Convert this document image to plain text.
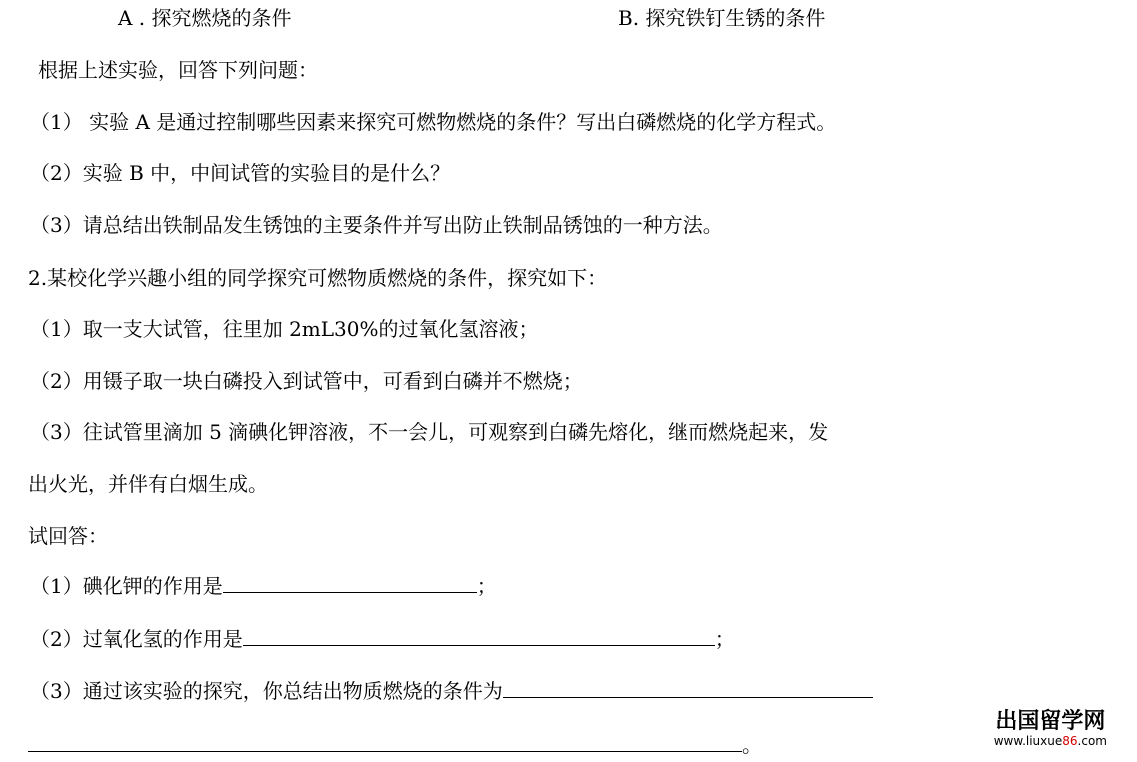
A . 探究燃烧的条件	B. 探究铁钉生锈的条件
根据上述实验，回答下列问题：
（1） 实验 A 是通过控制哪些因素来探究可燃物燃烧的条件？写出白磷燃烧的化学方程式。
（2）实验 B 中，中间试管的实验目的是什么？
（3）请总结出铁制品发生锈蚀的主要条件并写出防止铁制品锈蚀的一种方法。
2.某校化学兴趣小组的同学探究可燃物质燃烧的条件，探究如下：
（1）取一支大试管，往里加 2mL30%的过氧化氢溶液；
（2）用镊子取一块白磷投入到试管中，可看到白磷并不燃烧；
（3）往试管里滴加 5 滴碘化钾溶液，不一会儿，可观察到白磷先熔化，继而燃烧起来，发
出火光，并伴有白烟生成。
试回答：
（1）碘化钾的作用是	；
（2）过氧化氢的作用是	；
（3）通过该实验的探究，你总结出物质燃烧的条件为
。
出国留学网
www.liuxue86.com
